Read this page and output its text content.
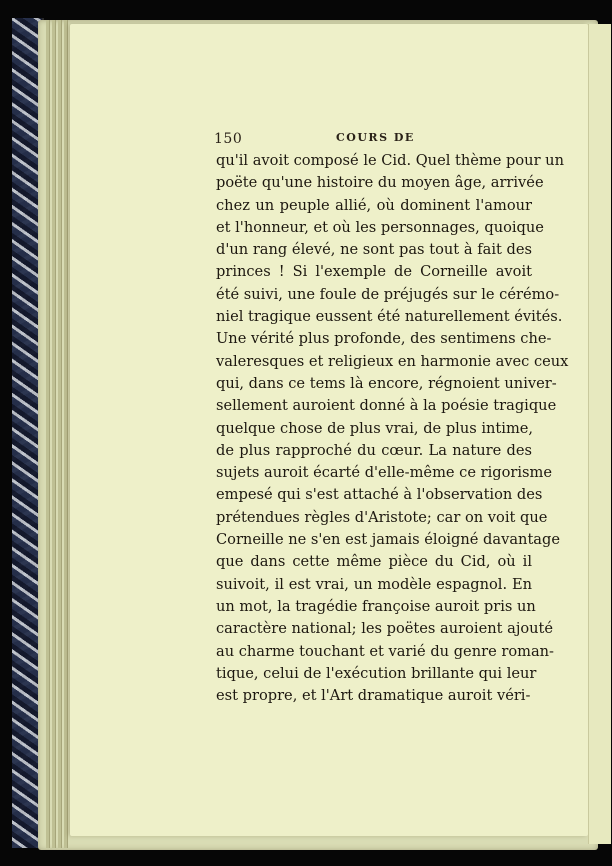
150	COURS DE
qu'il avoit composé le Cid. Quel thème pour un
poëte qu'une histoire du moyen âge, arrivée
chez un peuple allié, où dominent l'amour
et l'honneur, et où les personnages, quoique
d'un rang élevé, ne sont pas tout à fait des
princes ! Si l'exemple de Corneille avoit
été suivi, une foule de préjugés sur le cérémo-
niel tragique eussent été naturellement évités.
Une vérité plus profonde, des sentimens che-
valeresques et religieux en harmonie avec ceux
qui, dans ce tems là encore, régnoient univer-
sellement auroient donné à la poésie tragique
quelque chose de plus vrai, de plus intime,
de plus rapproché du cœur. La nature des
sujets auroit écarté d'elle-même ce rigorisme
empesé qui s'est attaché à l'observation des
prétendues règles d'Aristote; car on voit que
Corneille ne s'en est jamais éloigné davantage
que dans cette même pièce du Cid, où il
suivoit, il est vrai, un modèle espagnol. En
un mot, la tragédie françoise auroit pris un
caractère national; les poëtes auroient ajouté
au charme touchant et varié du genre roman-
tique, celui de l'exécution brillante qui leur
est propre, et l'Art dramatique auroit véri-
